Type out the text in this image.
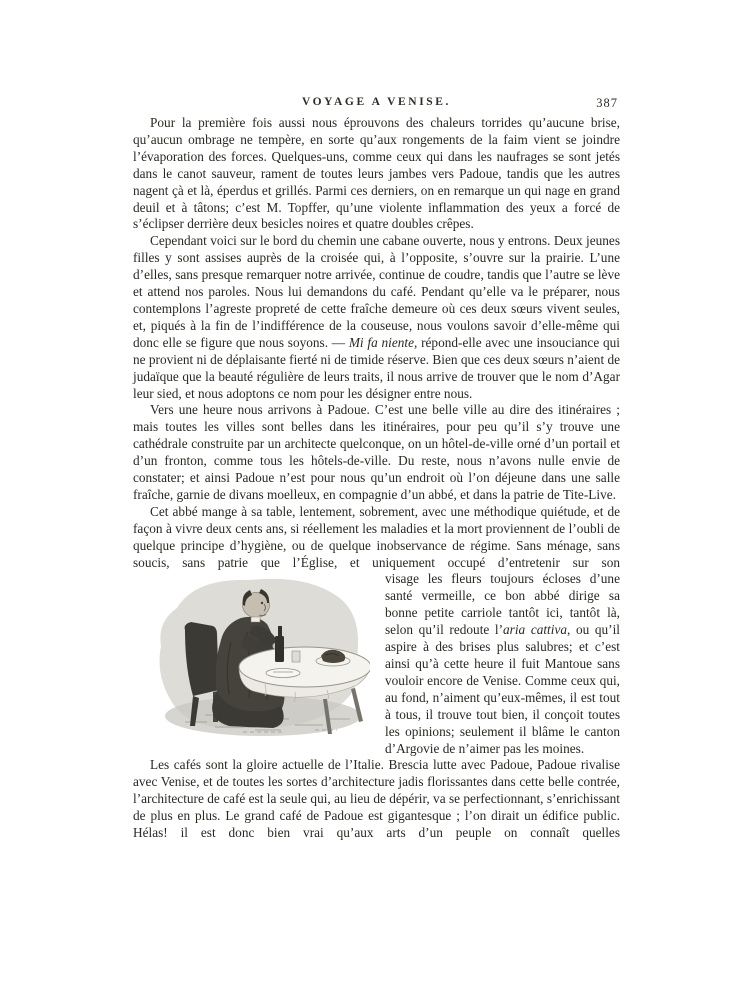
VOYAGE A VENISE.	387

Pour la première fois aussi nous éprouvons des chaleurs torrides qu’aucune brise, qu’aucun ombrage ne tempère, en sorte qu’aux rongements de la faim vient se joindre l’évaporation des forces. Quelques-uns, comme ceux qui dans les naufrages se sont jetés dans le canot sauveur, rament de toutes leurs jambes vers Padoue, tandis que les autres nagent çà et là, éperdus et grillés. Parmi ces derniers, on en remarque un qui nage en grand deuil et à tâtons; c’est M. Topffer, qu’une violente inflammation des yeux a forcé de s’éclipser derrière deux besicles noires et quatre doubles crêpes.

Cependant voici sur le bord du chemin une cabane ouverte, nous y entrons. Deux jeunes filles y sont assises auprès de la croisée qui, à l’opposite, s’ouvre sur la prairie. L’une d’elles, sans presque remarquer notre arrivée, continue de coudre, tandis que l’autre se lève et attend nos paroles. Nous lui demandons du café. Pendant qu’elle va le préparer, nous contemplons l’agreste propreté de cette fraîche demeure où ces deux sœurs vivent seules, et, piqués à la fin de l’indifférence de la couseuse, nous voulons savoir d’elle-même qui donc elle se figure que nous soyons. — Mi fa niente, répond-elle avec une insouciance qui ne provient ni de déplaisante fierté ni de timide réserve. Bien que ces deux sœurs n’aient de judaïque que la beauté régulière de leurs traits, il nous arrive de trouver que le nom d’Agar leur sied, et nous adoptons ce nom pour les désigner entre nous.

Vers une heure nous arrivons à Padoue. C’est une belle ville au dire des itinéraires ; mais toutes les villes sont belles dans les itinéraires, pour peu qu’il s’y trouve une cathédrale construite par un architecte quelconque, on un hôtel-de-ville orné d’un portail et d’un fronton, comme tous les hôtels-de-ville. Du reste, nous n’avons nulle envie de constater; et ainsi Padoue n’est pour nous qu’un endroit où l’on déjeune dans une salle fraîche, garnie de divans moelleux, en compagnie d’un abbé, et dans la patrie de Tite-Live.

Cet abbé mange à sa table, lentement, sobrement, avec une méthodique quiétude, et de façon à vivre deux cents ans, si réellement les maladies et la mort proviennent de l’oubli de quelque principe d’hygiène, ou de quelque inobservance de régime. Sans ménage, sans soucis, sans patrie que l’Église, et uniquement occupé d’entretenir sur son

visage les fleurs toujours écloses d’une santé vermeille, ce bon abbé dirige sa bonne petite carriole tantôt ici, tantôt là, selon qu’il redoute l’aria cattiva, ou qu’il aspire à des brises plus salubres; et c’est ainsi qu’à cette heure il fuit Mantoue sans vouloir encore de Venise. Comme ceux qui, au fond, n’aiment qu’eux-mêmes, il est tout à tous, il trouve tout bien, il conçoit toutes les opinions; seulement il blâme le canton d’Argovie de n’aimer pas les moines.

Les cafés sont la gloire actuelle de l’Italie. Brescia lutte avec Padoue, Padoue rivalise avec Venise, et de toutes les sortes d’architecture jadis florissantes dans cette belle contrée, l’architecture de café est la seule qui, au lieu de dépérir, va se perfectionnant, s’enrichissant de plus en plus. Le grand café de Padoue est gigantesque ; l’on dirait un édifice public. Hélas! il est donc bien vrai qu’aux arts d’un peuple on connaît quelles
